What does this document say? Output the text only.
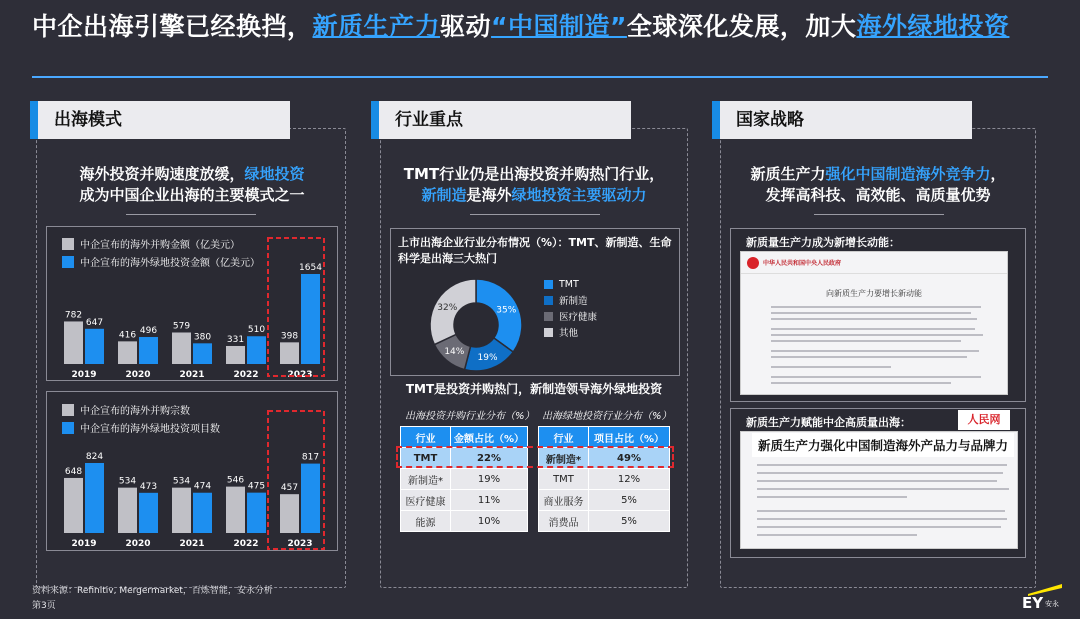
中企出海引擎已经换挡，新质生产力驱动“中国制造”全球深化发展，加大海外绿地投资
出海模式	行业重点	国家战略
海外投资并购速度放缓，绿地投资
成为中国企业出海的主要模式之一
中企宣布的海外并购金额（亿美元）
中企宣布的海外绿地投资金额（亿美元）
782
647
2019
416 496
2020
579
380
2021
331
510
2022
398
1654
2023
中企宣布的海外并购宗数
中企宣布的海外绿地投资项目数
648
824
2019
534
473
2020
534
474
2021
546
475
2022
457
817
2023
TMT行业仍是出海投资并购热门行业，
新制造是海外绿地投资主要驱动力
上市出海企业行业分布情况（%）：TMT、新制造、生命科学是出海三大热门
35%
19%
14%
32%
TMT
新制造
医疗健康
其他
TMT是投资并购热门，新制造领导海外绿地投资
出海投资并购行业分布（%） 出海绿地投资行业分布（%）
行业	金额占比（%）
TMT	22%
新制造*	19%
医疗健康	11%
能源	10%
行业	项目占比（%）
新制造*	49%
TMT	12%
商业服务	5%
消费品	5%
新质生产力强化中国制造海外竞争力，
发挥高科技、高效能、高质量优势
新质量生产力成为新增长动能：
中华人民共和国中央人民政府
向新质生产力要增长新动能
新质生产力赋能中企高质量出海：	人民网
新质生产力强化中国制造海外产品力与品牌力
资料来源：Refinitiv, Mergermarket，百炼智能，安永分析
第3页	EY 安永
